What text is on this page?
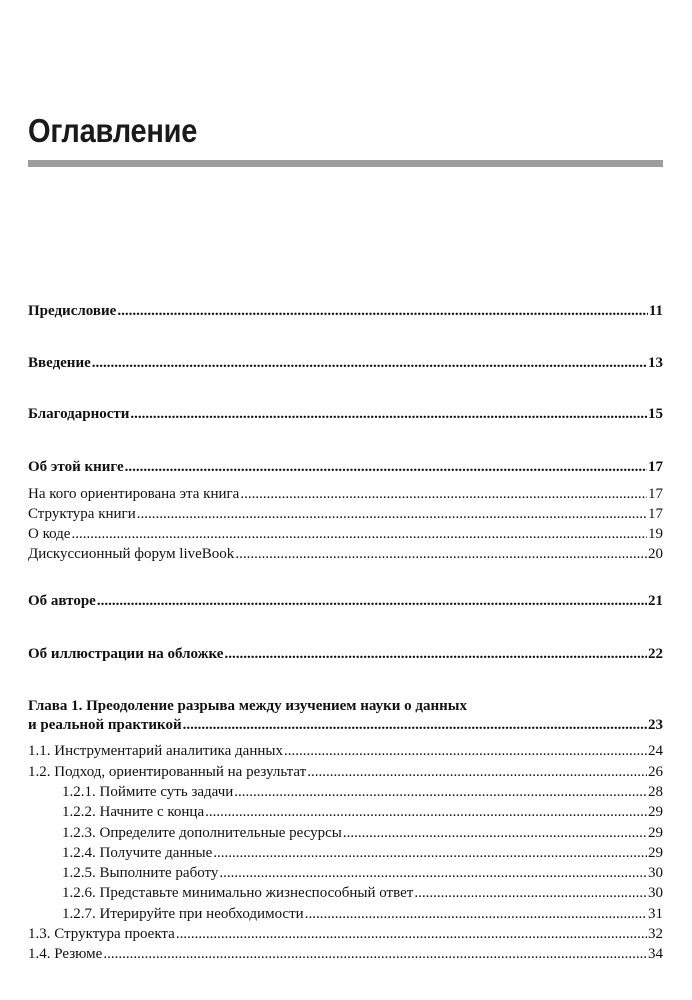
Оглавление
Предисловие .....	11
Введение .....	13
Благодарности .....	15
Об этой книге .....	17
На кого ориентирована эта книга .....	17
Структура книги .....	17
О коде .....	19
Дискуссионный форум liveBook .....	20
Об авторе .....	21
Об иллюстрации на обложке .....	22
Глава 1. Преодоление разрыва между изучением науки о данных
и реальной практикой .....	23
1.1. Инструментарий аналитика данных .....	24
1.2. Подход, ориентированный на результат .....	26
1.2.1. Поймите суть задачи .....	28
1.2.2. Начните с конца .....	29
1.2.3. Определите дополнительные ресурсы .....	29
1.2.4. Получите данные .....	29
1.2.5. Выполните работу .....	30
1.2.6. Представьте минимально жизнеспособный ответ .....	30
1.2.7. Итерируйте при необходимости .....	31
1.3. Структура проекта .....	32
1.4. Резюме .....	34
